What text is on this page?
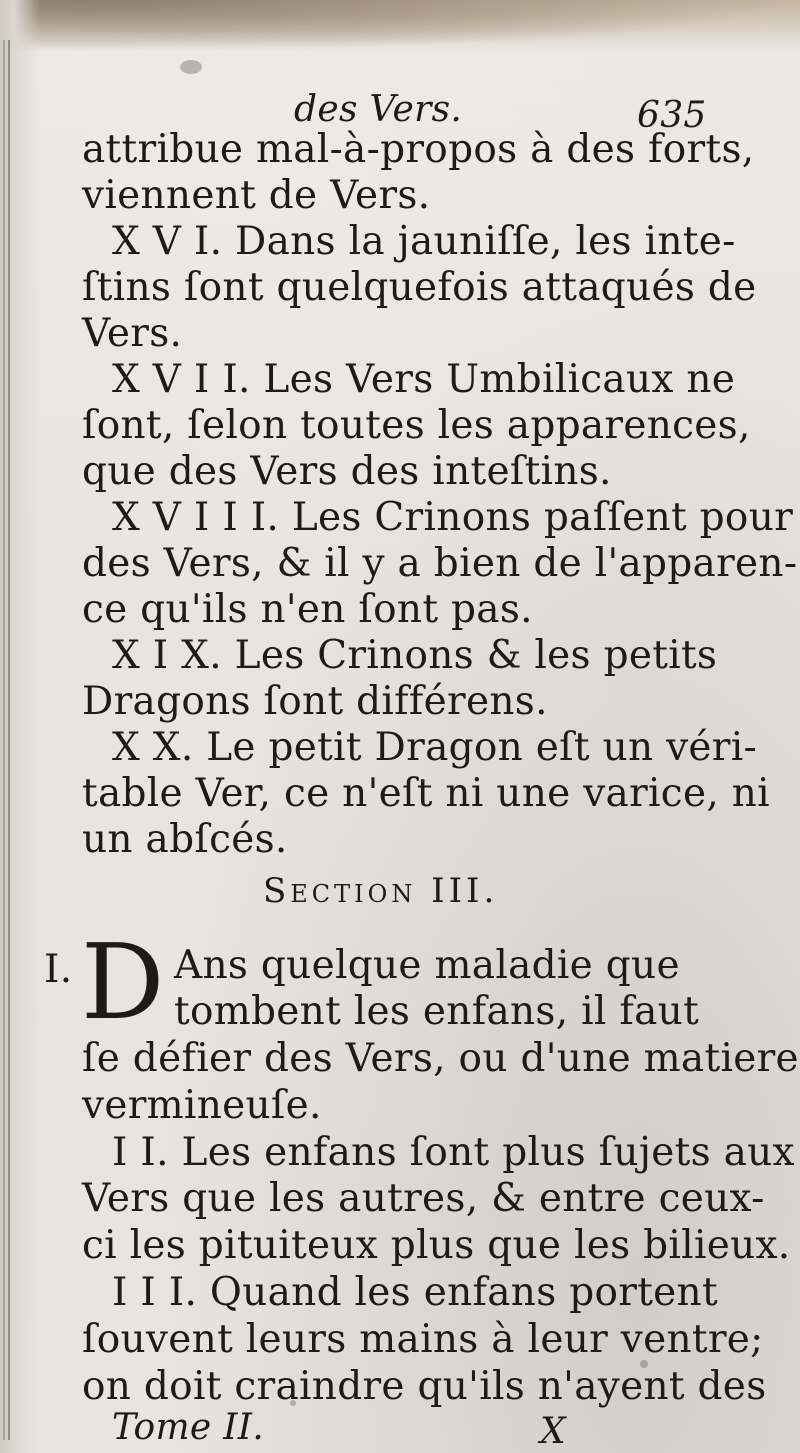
des Vers.	635
attribue mal-à-propos à des forts,
viennent de Vers.
X V I. Dans la jauniſſe, les inte-
ſtins ſont quelquefois attaqués de
Vers.
X V I I. Les Vers Umbilicaux ne
ſont, ſelon toutes les apparences,
que des Vers des inteſtins.
X V I I I. Les Crinons paſſent pour
des Vers, & il y a bien de l'apparen-
ce qu'ils n'en ſont pas.
X I X. Les Crinons & les petits
Dragons ſont différens.
X X. Le petit Dragon eſt un véri-
table Ver, ce n'eſt ni une varice, ni
un abſcés.
Section III.
I. D Ans quelque maladie que
tombent les enfans, il faut
ſe défier des Vers, ou d'une matiere
vermineuſe.
I I. Les enfans ſont plus ſujets aux
Vers que les autres, & entre ceux-
ci les pituiteux plus que les bilieux.
I I I. Quand les enfans portent
ſouvent leurs mains à leur ventre;
on doit craindre qu'ils n'ayent des
Tome II.	X
